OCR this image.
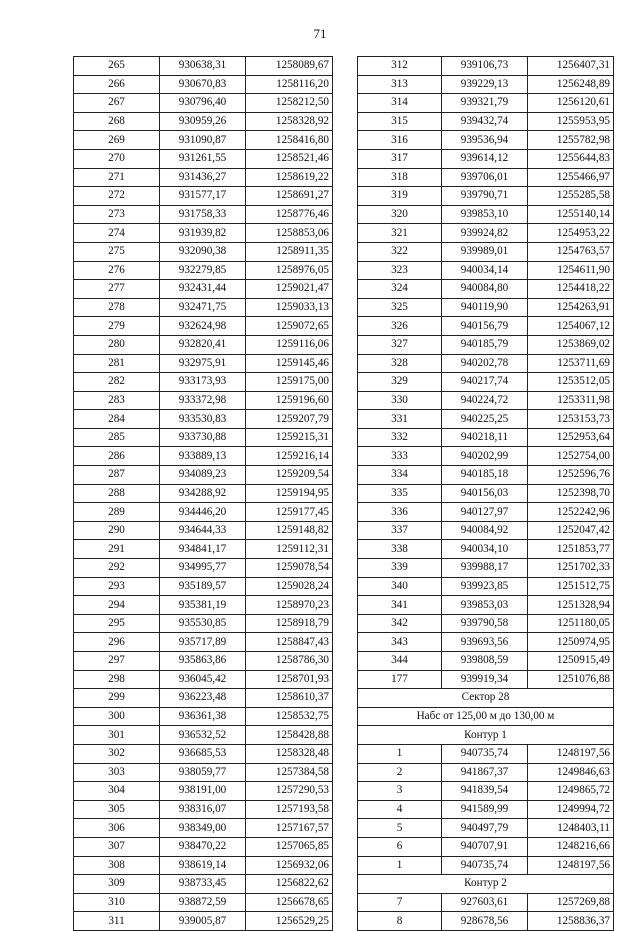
71
265	930638,31	1258089,67
266	930670,83	1258116,20
267	930796,40	1258212,50
268	930959,26	1258328,92
269	931090,87	1258416,80
270	931261,55	1258521,46
271	931436,27	1258619,22
272	931577,17	1258691,27
273	931758,33	1258776,46
274	931939,82	1258853,06
275	932090,38	1258911,35
276	932279,85	1258976,05
277	932431,44	1259021,47
278	932471,75	1259033,13
279	932624,98	1259072,65
280	932820,41	1259116,06
281	932975,91	1259145,46
282	933173,93	1259175,00
283	933372,98	1259196,60
284	933530,83	1259207,79
285	933730,88	1259215,31
286	933889,13	1259216,14
287	934089,23	1259209,54
288	934288,92	1259194,95
289	934446,20	1259177,45
290	934644,33	1259148,82
291	934841,17	1259112,31
292	934995,77	1259078,54
293	935189,57	1259028,24
294	935381,19	1258970,23
295	935530,85	1258918,79
296	935717,89	1258847,43
297	935863,86	1258786,30
298	936045,42	1258701,93
299	936223,48	1258610,37
300	936361,38	1258532,75
301	936532,52	1258428,88
302	936685,53	1258328,48
303	938059,77	1257384,58
304	938191,00	1257290,53
305	938316,07	1257193,58
306	938349,00	1257167,57
307	938470,22	1257065,85
308	938619,14	1256932,06
309	938733,45	1256822,62
310	938872,59	1256678,65
311	939005,87	1256529,25
312	939106,73	1256407,31
313	939229,13	1256248,89
314	939321,79	1256120,61
315	939432,74	1255953,95
316	939536,94	1255782,98
317	939614,12	1255644,83
318	939706,01	1255466,97
319	939790,71	1255285,58
320	939853,10	1255140,14
321	939924,82	1254953,22
322	939989,01	1254763,57
323	940034,14	1254611,90
324	940084,80	1254418,22
325	940119,90	1254263,91
326	940156,79	1254067,12
327	940185,79	1253869,02
328	940202,78	1253711,69
329	940217,74	1253512,05
330	940224,72	1253311,98
331	940225,25	1253153,73
332	940218,11	1252953,64
333	940202,99	1252754,00
334	940185,18	1252596,76
335	940156,03	1252398,70
336	940127,97	1252242,96
337	940084,92	1252047,42
338	940034,10	1251853,77
339	939988,17	1251702,33
340	939923,85	1251512,75
341	939853,03	1251328,94
342	939790,58	1251180,05
343	939693,56	1250974,95
344	939808,59	1250915,49
177	939919,34	1251076,88
Сектор 28		
Набс от 125,00 м до 130,00 м		
Контур 1		
1	940735,74	1248197,56
2	941867,37	1249846,63
3	941839,54	1249865,72
4	941589,99	1249994,72
5	940497,79	1248403,11
6	940707,91	1248216,66
1	940735,74	1248197,56
Контур 2		
7	927603,61	1257269,88
8	928678,56	1258836,37
